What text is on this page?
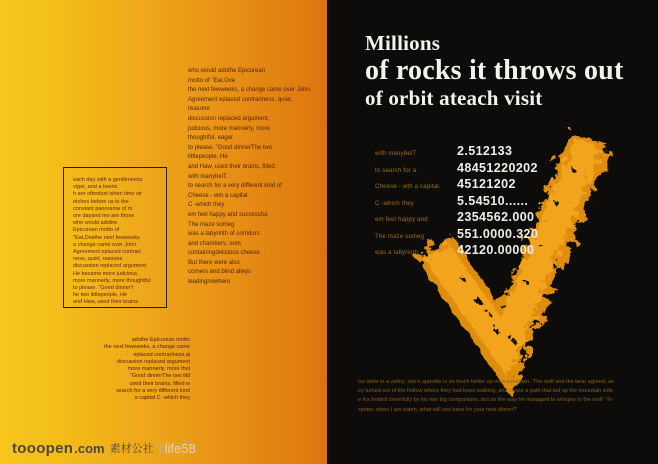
who would adothe Epicurean
motto of "Eat,Ove
the next fewweeks, a change came over John.
Agreement eplaced contrariness, quiet,
reasone
discussion replaced argument,
judcious, more mannerly, more
thoughtful, eager
to please. "Good dinnerThe two
littlepeople, He
and Haw, used their brains, filled
with manybelT.
to search for a very different kind of
Cheese - wm a capital
C -which they
em feel happy and successful.
The maze someg
was a labyrinth of corridors
and chambers, som
containingdelicious cheese.
But there were also
corners and blind alleys
leadingnowhere
each day with a gentleneess
vigor, and a keenc
h are oftenlost when time str
etches before us in the
constant panorama of m
ore dayand mo are those
who would adothe
Epicurean motto of
"Eat,Dvethe next fewweeks
a change came over John.
Agreement eplaced contrari
ness, quiet, reasone
discussion replaced argument
He became more judcious,
more mannerly, more thoughtful
to please. "Good dinner't
he two littlepeople, He
and Haw, used their brains
adothe Epicurean motto
the next fewweeks, a change came
eplaced contrariness,qi
discussion replaced argument
more mannerly, more thol
"Good dinnerThe two littl
used their brains, filled w
search for a very different kind
a capital C -which they
Millions
of rocks it throws out
of orbit ateach visit
with manybelT	2.512133
to search for a	48451220202
Cheese - wth a capital.	45121202
C -which they	5.54510......
em feel happy and	2354562.000
The maze someg	551.0000.320
was a labyrinth	42120.00000
iso atole in a valley; one's appetite is so much better up on a mountain.' The wolf and the bear agreed, an
ey turned out of the hollow where they had been walking, and chose a path that led up the mountain side.
e fox trotted cheerfully by his two big companions, but on the way he managed to whisper to the wolf: 'To
spoter, when I am eaten, what will you have for your next dinner?'
tooopen .com 素材公社 | life58
